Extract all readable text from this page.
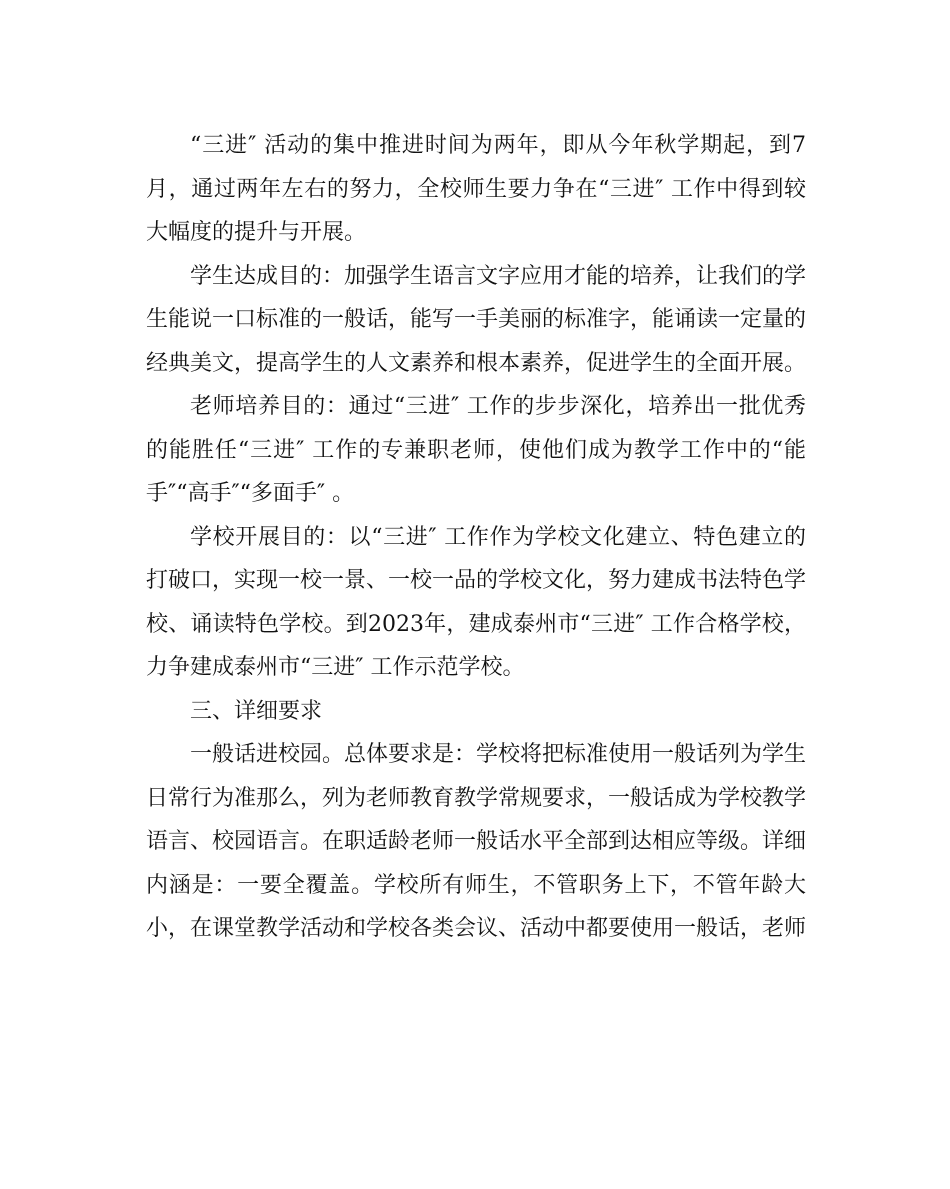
“三进″ 活动的集中推进时间为两年，即从今年秋学期起，到7月，通过两年左右的努力，全校师生要力争在“三进″ 工作中得到较大幅度的提升与开展。

学生达成目的：加强学生语言文字应用才能的培养，让我们的学生能说一口标准的一般话，能写一手美丽的标准字，能诵读一定量的经典美文，提高学生的人文素养和根本素养，促进学生的全面开展。

老师培养目的：通过“三进″ 工作的步步深化，培养出一批优秀的能胜任“三进″ 工作的专兼职老师，使他们成为教学工作中的“能手″“高手″“多面手″ 。

学校开展目的：以“三进″ 工作作为学校文化建立、特色建立的打破口，实现一校一景、一校一品的学校文化，努力建成书法特色学校、诵读特色学校。到2023年，建成泰州市“三进″ 工作合格学校，力争建成泰州市“三进″ 工作示范学校。

三、详细要求

一般话进校园。总体要求是：学校将把标准使用一般话列为学生日常行为准那么，列为老师教育教学常规要求，一般话成为学校教学语言、校园语言。在职适龄老师一般话水平全部到达相应等级。详细内涵是：一要全覆盖。学校所有师生，不管职务上下，不管年龄大小，在课堂教学活动和学校各类会议、活动中都要使用一般话，老师
